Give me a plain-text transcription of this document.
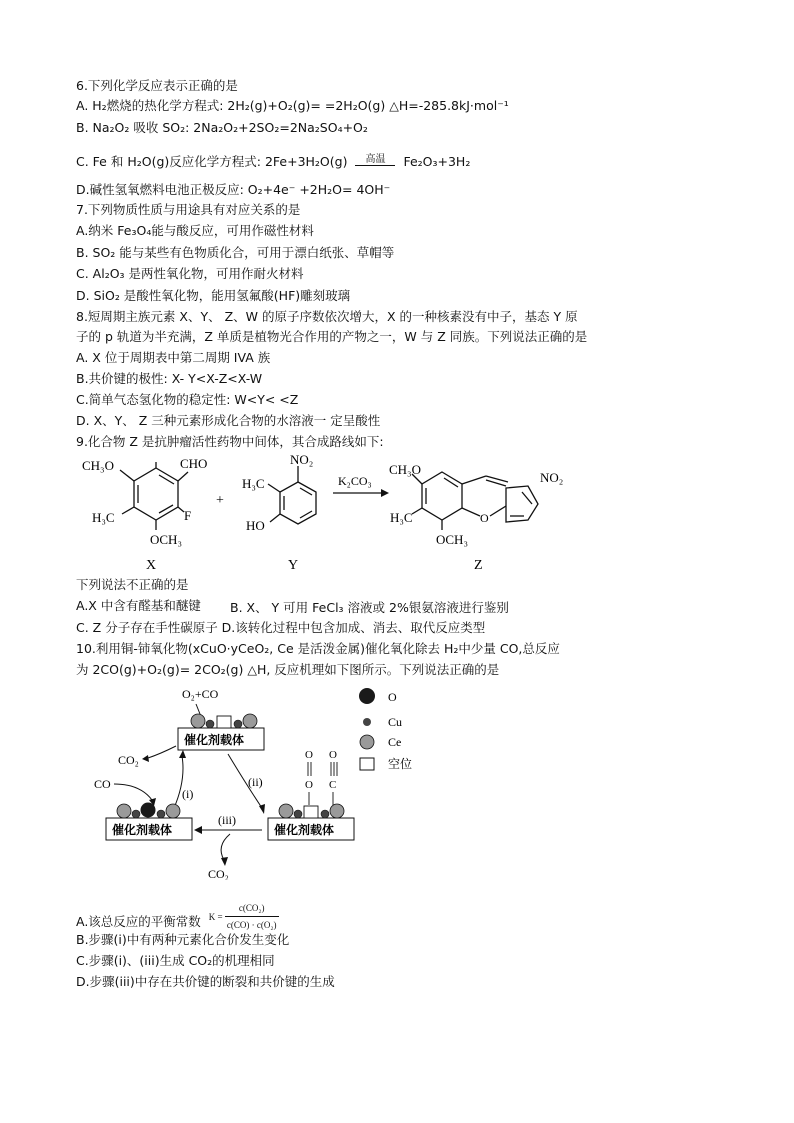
6.下列化学反应表示正确的是
A. H₂燃烧的热化学方程式: 2H₂(g)+O₂(g)= =2H₂O(g) △H=-285.8kJ·mol⁻¹
B. Na₂O₂ 吸收 SO₂: 2Na₂O₂+2SO₂=2Na₂SO₄+O₂
C. Fe 和 H₂O(g)反应化学方程式: 2Fe+3H₂O(g)	高温	Fe₂O₃+3H₂
D.碱性氢氧燃料电池正极反应: O₂+4e⁻ +2H₂O= 4OH⁻
7.下列物质性质与用途具有对应关系的是
A.纳米 Fe₃O₄能与酸反应，可用作磁性材料
B. SO₂ 能与某些有色物质化合，可用于漂白纸张、草帽等
C. Al₂O₃ 是两性氧化物，可用作耐火材料
D. SiO₂ 是酸性氧化物，能用氢氟酸(HF)雕刻玻璃
8.短周期主族元素 X、Y、 Z、W 的原子序数依次增大，X 的一种核素没有中子，基态 Y 原
子的 p 轨道为半充满，Z 单质是植物光合作用的产物之一，W 与 Z 同族。下列说法正确的是
A. X 位于周期表中第二周期 IVA 族
B.共价键的极性: X- Y<X-Z<X-W
C.简单气态氢化物的稳定性: W<Y< <Z
D. X、Y、 Z 三种元素形成化合物的水溶液一 定呈酸性
9.化合物 Z 是抗肿瘤活性药物中间体，其合成路线如下:
CH₃O	CHO
H₃C	F
OCH₃
X
+
NO₂
H₃C
HO
Y
K₂CO₃
O
CH₃O
NO₂
H₃C
OCH₃
Z
下列说法不正确的是
A.X 中含有醛基和醚键 B. X、 Y 可用 FeCl₃ 溶液或 2%银氨溶液进行鉴别
C. Z 分子存在手性碳原子 D.该转化过程中包含加成、消去、取代反应类型
10.利用铜-铈氧化物(xCuO·yCeO₂, Ce 是活泼金属)催化氧化除去 H₂中少量 CO,总反应
为 2CO(g)+O₂(g)= 2CO₂(g) △H, 反应机理如下图所示。下列说法正确的是
O₂+CO
催化剂载体
CO₂
CO
(i)
(ii)
催化剂载体
(iii)
CO₂
催化剂载体
O
O
O
C
O
Cu
Ce
空位
A.该总反应的平衡常数 $K = \frac{\text{c(CO₂)}}{\text{c(CO) · c(O₂)}}$
B.步骤(i)中有两种元素化合价发生变化
C.步骤(i)、(iii)生成 CO₂的机理相同
D.步骤(iii)中存在共价键的断裂和共价键的生成
